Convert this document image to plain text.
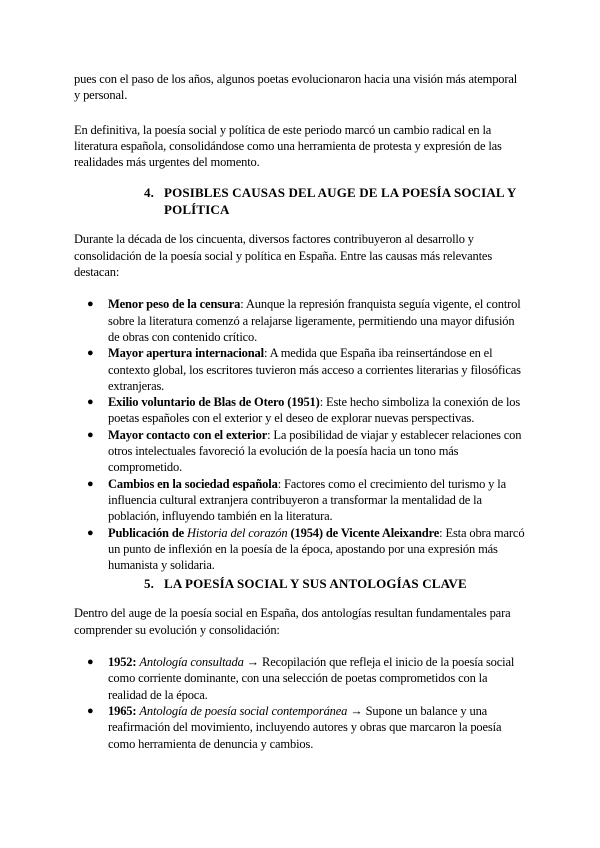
pues con el paso de los años, algunos poetas evolucionaron hacia una visión más atemporal y personal.

En definitiva, la poesía social y política de este periodo marcó un cambio radical en la literatura española, consolidándose como una herramienta de protesta y expresión de las realidades más urgentes del momento.

4. POSIBLES CAUSAS DEL AUGE DE LA POESÍA SOCIAL Y POLÍTICA

Durante la década de los cincuenta, diversos factores contribuyeron al desarrollo y consolidación de la poesía social y política en España. Entre las causas más relevantes destacan:

● Menor peso de la censura: Aunque la represión franquista seguía vigente, el control sobre la literatura comenzó a relajarse ligeramente, permitiendo una mayor difusión de obras con contenido crítico.
● Mayor apertura internacional: A medida que España iba reinsertándose en el contexto global, los escritores tuvieron más acceso a corrientes literarias y filosóficas extranjeras.
● Exilio voluntario de Blas de Otero (1951): Este hecho simboliza la conexión de los poetas españoles con el exterior y el deseo de explorar nuevas perspectivas.
● Mayor contacto con el exterior: La posibilidad de viajar y establecer relaciones con otros intelectuales favoreció la evolución de la poesía hacia un tono más comprometido.
● Cambios en la sociedad española: Factores como el crecimiento del turismo y la influencia cultural extranjera contribuyeron a transformar la mentalidad de la población, influyendo también en la literatura.
● Publicación de Historia del corazón (1954) de Vicente Aleixandre: Esta obra marcó un punto de inflexión en la poesía de la época, apostando por una expresión más humanista y solidaria.
5. LA POESÍA SOCIAL Y SUS ANTOLOGÍAS CLAVE

Dentro del auge de la poesía social en España, dos antologías resultan fundamentales para comprender su evolución y consolidación:

● 1952: Antología consultada → Recopilación que refleja el inicio de la poesía social como corriente dominante, con una selección de poetas comprometidos con la realidad de la época.
● 1965: Antología de poesía social contemporánea → Supone un balance y una reafirmación del movimiento, incluyendo autores y obras que marcaron la poesía como herramienta de denuncia y cambios.
